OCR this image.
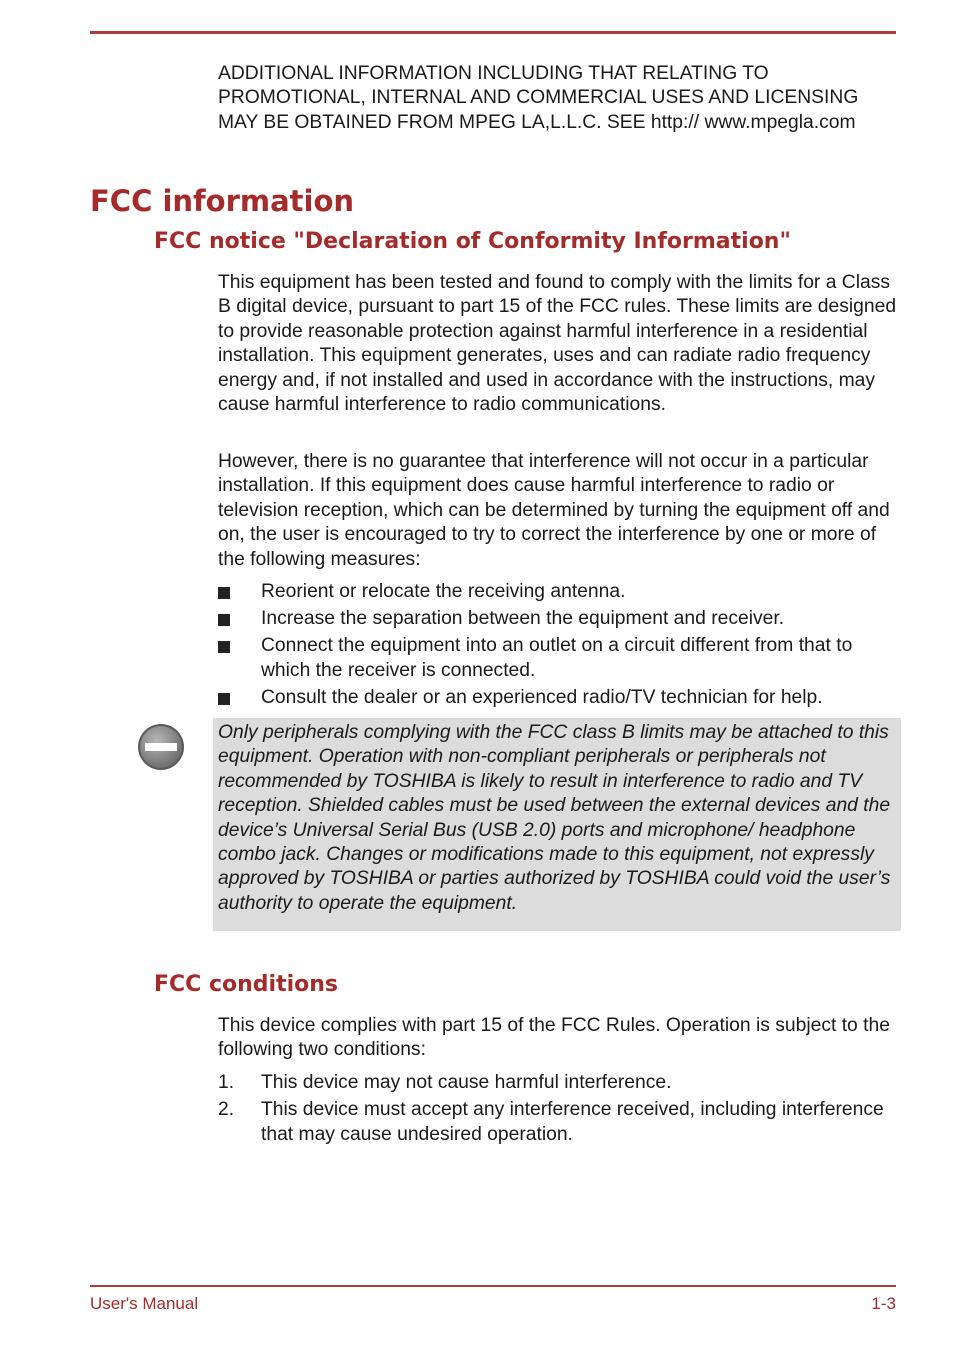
ADDITIONAL INFORMATION INCLUDING THAT RELATING TO PROMOTIONAL, INTERNAL AND COMMERCIAL USES AND LICENSING MAY BE OBTAINED FROM MPEG LA,L.L.C. SEE http:// www.mpegla.com

FCC information
FCC notice "Declaration of Conformity Information"

This equipment has been tested and found to comply with the limits for a Class B digital device, pursuant to part 15 of the FCC rules. These limits are designed to provide reasonable protection against harmful interference in a residential installation. This equipment generates, uses and can radiate radio frequency energy and, if not installed and used in accordance with the instructions, may cause harmful interference to radio communications.

However, there is no guarantee that interference will not occur in a particular installation. If this equipment does cause harmful interference to radio or television reception, which can be determined by turning the equipment off and on, the user is encouraged to try to correct the interference by one or more of the following measures:

Reorient or relocate the receiving antenna.
Increase the separation between the equipment and receiver.
Connect the equipment into an outlet on a circuit different from that to which the receiver is connected.
Consult the dealer or an experienced radio/TV technician for help.

Only peripherals complying with the FCC class B limits may be attached to this equipment. Operation with non-compliant peripherals or peripherals not recommended by TOSHIBA is likely to result in interference to radio and TV reception. Shielded cables must be used between the external devices and the device’s Universal Serial Bus (USB 2.0) ports and microphone/ headphone combo jack. Changes or modifications made to this equipment, not expressly approved by TOSHIBA or parties authorized by TOSHIBA could void the user’s authority to operate the equipment.

FCC conditions

This device complies with part 15 of the FCC Rules. Operation is subject to the following two conditions:

1. This device may not cause harmful interference.
2. This device must accept any interference received, including interference that may cause undesired operation.
User's Manual	1-3
